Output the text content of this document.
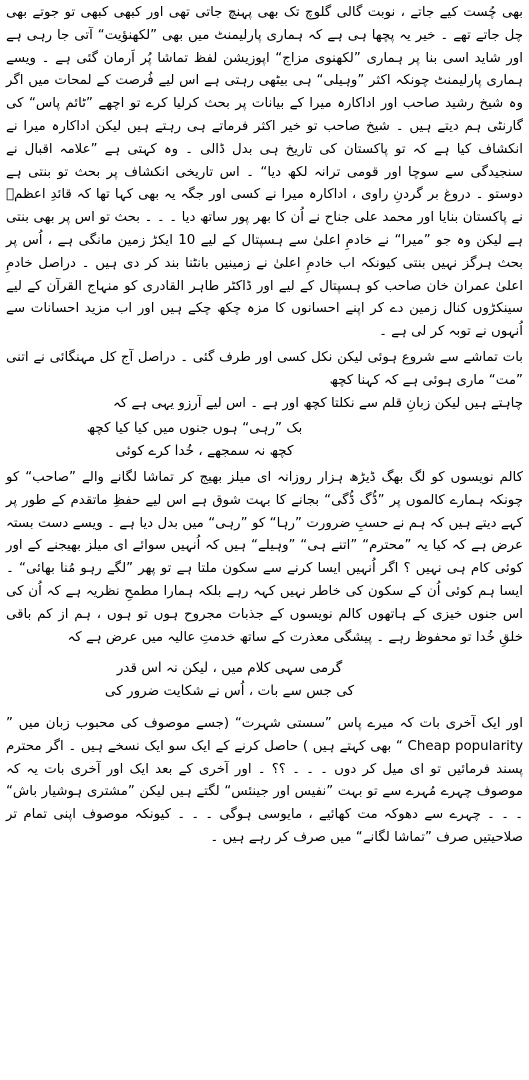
بھی چُست کیے جاتے ، نوبت گالی گلوچ تک بھی پہنچ جاتی تھی اور کبھی کبھی تو جوتے بھی چل جاتے تھے ۔ خیر یہ پچھا ہی ہے کہ ہماری پارلیمنٹ میں بھی ”لکھنؤیت“ آتی جا رہی ہے اور شاید اسی بنا پر ہماری ”لکھنوی مزاج“ اپوزیشن لفظ تماشا پُر اَرمان گئی ہے ۔ ویسے ہماری پارلیمنٹ چونکہ اکثر ”وہیلی“ ہی بیٹھی رہتی ہے اس لیے فُرصت کے لمحات میں اگر وہ شیخ رشید صاحب اور اداکارہ میرا کے بیانات پر بحث کرلیا کرے تو اچھے ”ٹائم پاس“ کی گارنٹی ہم دیتے ہیں ۔ شیخ صاحب تو خیر اکثر فرماتے ہی رہتے ہیں لیکن اداکارہ میرا نے انکشاف کیا ہے کہ تو پاکستان کی تاریخ ہی بدل ڈالی ۔ وہ کہتی ہے ”علامہ اقبال نے سنجیدگی سے سوچا اور قومی ترانہ لکھ دیا“ ۔ اس تاریخی انکشاف پر بحث تو بنتی ہے دوستو ۔ دروغ بر گردنِ راوی ، اداکارہ میرا نے کسی اور جگہ یہ بھی کہا تھا کہ قائدِ اعظمؒ نے پاکستان بنایا اور محمد علی جناح نے اُن کا بھر پور ساتھ دیا ۔ ۔ ۔ بحث تو اس پر بھی بنتی ہے لیکن وہ جو ”میرا“ نے خادمِ اعلیٰ سے ہسپتال کے لیے 10 ایکڑ زمین مانگی ہے ، اُس پر بحث ہرگز نہیں بنتی کیونکہ اب خادمِ اعلیٰ نے زمینیں بانٹنا بند کر دی ہیں ۔ دراصل خادمِ اعلیٰ عمران خان صاحب کو ہسپتال کے لیے اور ڈاکٹر طاہر القادری کو منہاج القرآن کے لیے سینکڑوں کنال زمین دے کر اپنے احسانوں کا مزہ چکھ چکے ہیں اور اب مزید احسانات سے اُنہوں نے توبہ کر لی ہے ۔

بات تماشے سے شروع ہوئی لیکن نکل کسی اور طرف گئی ۔ دراصل آج کل مہنگائی نے اتنی ”مت“ ماری ہوئی ہے کہ کہنا کچھ

چاہتے ہیں لیکن زبانِ قلم سے نکلتا کچھ اور ہے ۔ اس لیے آرزو یہی ہے کہ

بک ”رہی“ ہوں جنوں میں کیا کیا کچھ

کچھ نہ سمجھے ، خُدا کرے کوئی

کالم نویسوں کو لگ بھگ ڈیڑھ ہزار روزانہ ای میلز بھیج کر تماشا لگانے والے ”صاحب“ کو چونکہ ہمارے کالموں پر ”ڈُگ ڈُگی“ بجانے کا بہت شوق ہے اس لیے حفظِ ماتقدم کے طور پر کہے دیتے ہیں کہ ہم نے حسبِ ضرورت ”رہا“ کو ”رہی“ میں بدل دیا ہے ۔ ویسے دست بستہ عرض ہے کہ کیا یہ ”محترم“ ”اتنے ہی“ ”وہیلے“ ہیں کہ اُنہیں سوائے ای میلز بھیجنے کے اور کوئی کام ہی نہیں ؟ اگر اُنہیں ایسا کرنے سے سکون ملتا ہے تو پھر ”لگے رہو مُنا بھائی“ ۔ ایسا ہم کوئی اُن کے سکون کی خاطر نہیں کہہ رہے بلکہ ہمارا مطمحِ نظریہ ہے کہ اُن کی اس جنوں خیزی کے ہاتھوں کالم نویسوں کے جذبات مجروح ہوں تو ہوں ، ہم از کم باقی خلقِ خُدا تو محفوظ رہے ۔ پیشگی معذرت کے ساتھ خدمتِ عالیہ میں عرض ہے کہ

گرمی سہی کلام میں ، لیکن نہ اس قدر

کی جس سے بات ، اُس نے شکایت ضرور کی

اور ایک آخری بات کہ میرے پاس ”سستی شہرت“ (جسے موصوف کی محبوب زبان میں ” Cheap popularity “ بھی کہتے ہیں ) حاصل کرنے کے ایک سو ایک نسخے ہیں ۔ اگر محترم پسند فرمائیں تو ای میل کر دوں ۔ ۔ ۔ ؟؟ ۔ اور آخری کے بعد ایک اور آخری بات یہ کہ موصوف چہرے مُہرے سے تو بہت ”نفیس اور جینئس“ لگتے ہیں لیکن ”مشتری ہوشیار باش“ ۔ ۔ ۔ چہرے سے دھوکہ مت کھائیے ، مایوسی ہوگی ۔ ۔ ۔ کیونکہ موصوف اپنی تمام تر صلاحیتیں صرف ”تماشا لگانے“ میں صرف کر رہے ہیں ۔
